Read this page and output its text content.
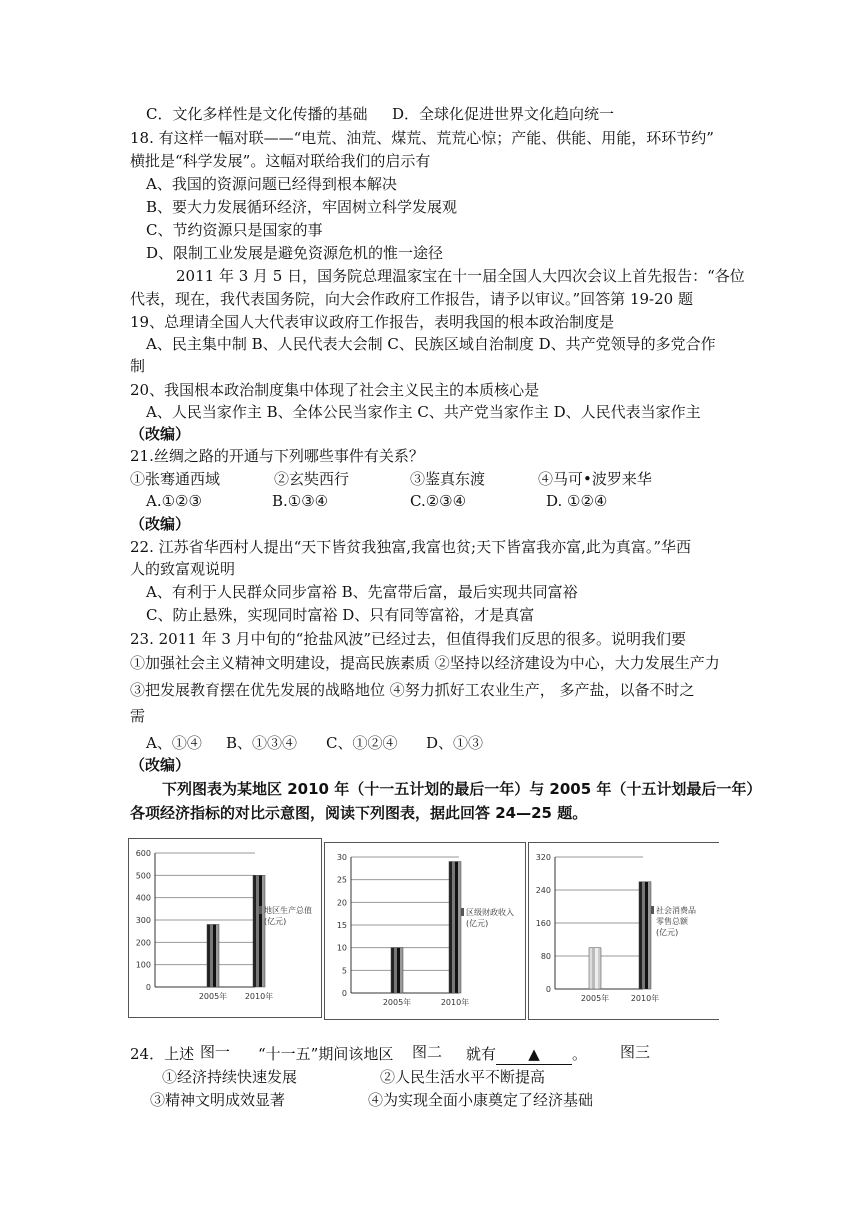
C．文化多样性是文化传播的基础 D．全球化促进世界文化趋向统一
18. 有这样一幅对联——“电荒、油荒、煤荒、荒荒心惊；产能、供能、用能，环环节约”
横批是“科学发展”。这幅对联给我们的启示有
A、我国的资源问题已经得到根本解决
B、要大力发展循环经济，牢固树立科学发展观
C、节约资源只是国家的事
D、限制工业发展是避免资源危机的惟一途径
2011 年 3 月 5 日，国务院总理温家宝在十一届全国人大四次会议上首先报告：“各位
代表，现在，我代表国务院，向大会作政府工作报告，请予以审议。”回答第 19-20 题
19、总理请全国人大代表审议政府工作报告，表明我国的根本政治制度是
A、民主集中制 B、人民代表大会制 C、民族区域自治制度 D、共产党领导的多党合作
制
20、我国根本政治制度集中体现了社会主义民主的本质核心是
A、人民当家作主 B、全体公民当家作主 C、共产党当家作主 D、人民代表当家作主
（改编）
21.丝绸之路的开通与下列哪些事件有关系？
①张骞通西域	②玄奘西行	③鉴真东渡	④马可•波罗来华
A.①②③	B.①③④	C.②③④	D. ①②④
（改编）
22. 江苏省华西村人提出“天下皆贫我独富,我富也贫;天下皆富我亦富,此为真富。”华西
人的致富观说明
A、有利于人民群众同步富裕 B、先富带后富，最后实现共同富裕
C、防止悬殊，实现同时富裕 D、只有同等富裕，才是真富
23. 2011 年 3 月中旬的“抢盐风波”已经过去，但值得我们反思的很多。说明我们要
①加强社会主义精神文明建设，提高民族素质 ②坚持以经济建设为中心，大力发展生产力
③把发展教育摆在优先发展的战略地位 ④努力抓好工农业生产， 多产盐，以备不时之
需
A、①④ B、①③④ C、①②④ D、①③
（改编）
下列图表为某地区 2010 年（十一五计划的最后一年）与 2005 年（十五计划最后一年）
各项经济指标的对比示意图，阅读下列图表，据此回答 24—25 题。
0
100
200
300
400
500
600
2005年 2010年
地区生产总值
(亿元)
0
5
10
15
20
25
30
2005年	2010年
区级财政收入
(亿元)
0
80
160
240
320
2005年	2010年
社会消费品
零售总额
(亿元)
24．上述	“十一五”期间该地区	就有 ▲ 。
图一	图二	图三
①经济持续快速发展	②人民生活水平不断提高
③精神文明成效显著	④为实现全面小康奠定了经济基础
